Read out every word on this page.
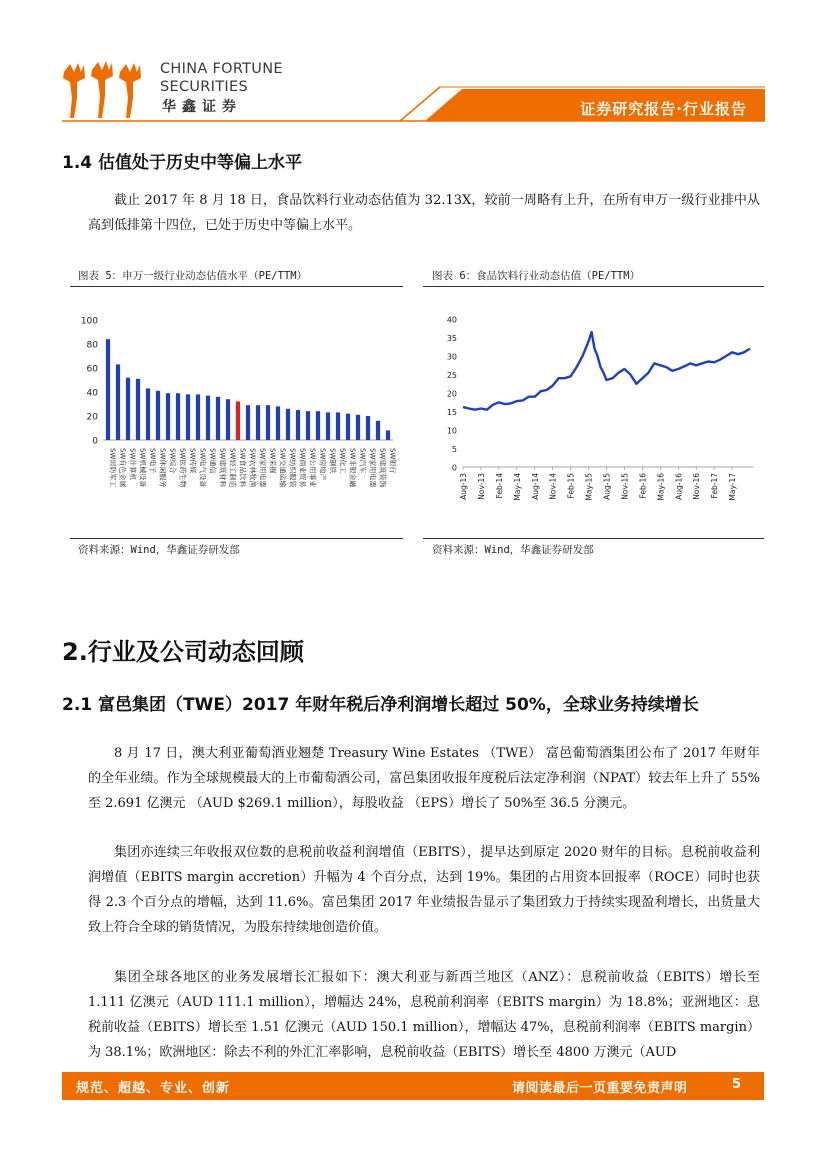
CHINA FORTUNE
SECURITIES
华鑫证券	证券研究报告·行业报告
1.4 估值处于历史中等偏上水平

截止 2017 年 8 月 18 日，食品饮料行业动态估值为 32.13X，较前一周略有上升，在所有申万一级行业排中从高到低排第十四位，已处于历史中等偏上水平。

图表 5：申万一级行业动态估值水平（PE/TTM）	图表 6：食品饮料行业动态估值（PE/TTM）
0
20
40
60
80
100
SW国防军工 SW有色金属 SW计算机 SW机械设备 SW电子 SW休闲服务 SW综合 SW医药生物 SW传媒 SW电气设备 SW通信 SW建筑材料 SW轻工制造 SW食品饮料 SW农林牧渔 SW家用电器 SW采掘 SW交通运输 SW纺织服装 SW商业贸易 SW公用事业 SW房地产 SW钢铁 SW化工 SW非银金融 SW汽车 SW家用电器 SW建筑装饰 SW银行	0
5
10
15
20
25
30
35
40
Aug-13 Nov-13 Feb-14 May-14 Aug-14 Nov-14 Feb-15 May-15 Aug-15 Nov-15 Feb-16 May-16 Aug-16 Nov-16 Feb-17 May-17
资料来源：Wind，华鑫证券研发部	资料来源：Wind，华鑫证券研发部
2.行业及公司动态回顾
2.1 富邑集团（TWE）2017 年财年税后净利润增长超过 50%，全球业务持续增长

8 月 17 日，澳大利亚葡萄酒业翘楚 Treasury Wine Estates （TWE） 富邑葡萄酒集团公布了 2017 年财年的全年业绩。作为全球规模最大的上市葡萄酒公司，富邑集团收报年度税后法定净利润（NPAT）较去年上升了 55%至 2.691 亿澳元 （AUD $269.1 million），每股收益 （EPS）增长了 50%至 36.5 分澳元。

集团亦连续三年收报双位数的息税前收益利润增值（EBITS），提早达到原定 2020 财年的目标。息税前收益利润增值（EBITS margin accretion）升幅为 4 个百分点，达到 19%。集团的占用资本回报率（ROCE）同时也获得 2.3 个百分点的增幅，达到 11.6%。富邑集团 2017 年业绩报告显示了集团致力于持续实现盈利增长，出货量大致上符合全球的销货情况，为股东持续地创造价值。

集团全球各地区的业务发展增长汇报如下：澳大利亚与新西兰地区（ANZ）：息税前收益（EBITS）增长至 1.111 亿澳元（AUD 111.1 million），增幅达 24%，息税前利润率（EBITS margin）为 18.8%；亚洲地区：息税前收益（EBITS）增长至 1.51 亿澳元（AUD 150.1 million），增幅达 47%，息税前利润率（EBITS margin）为 38.1%；欧洲地区：除去不利的外汇汇率影响，息税前收益（EBITS）增长至 4800 万澳元（AUD

规范、超越、专业、创新	请阅读最后一页重要免责声明	5
